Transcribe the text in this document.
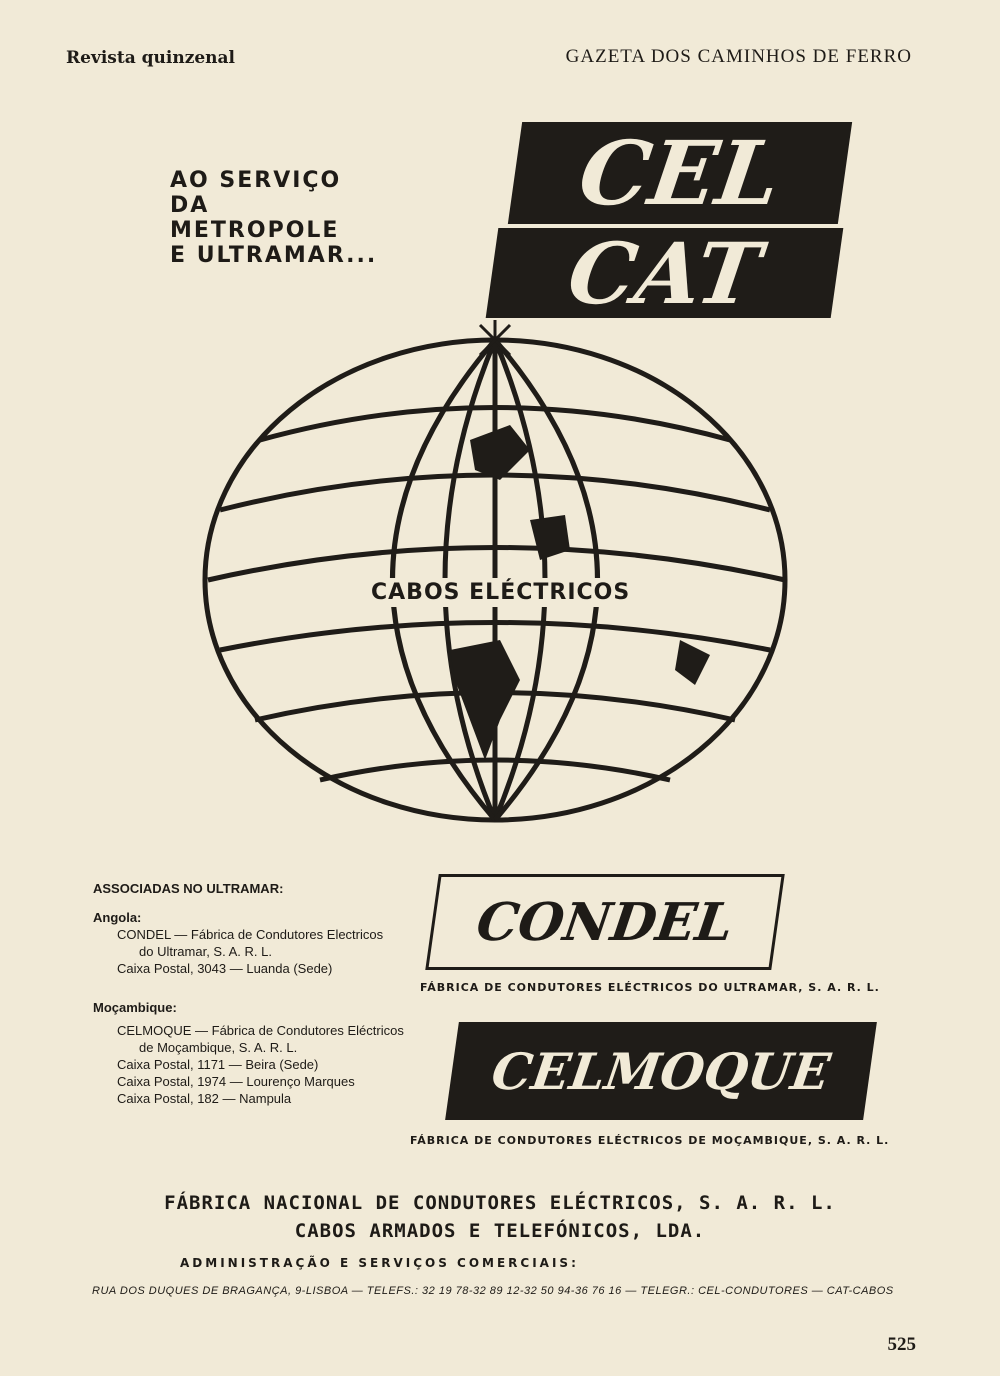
Revista quinzenal	GAZETA DOS CAMINHOS DE FERRO
AO SERVIÇO
DA
METROPOLE
E ULTRAMAR...
CEL
CAT
CABOS ELÉCTRICOS
ASSOCIADAS NO ULTRAMAR:
Angola:
CONDEL — Fábrica de Condutores Electricos
do Ultramar, S. A. R. L.
Caixa Postal, 3043 — Luanda (Sede)
Moçambique:
CELMOQUE — Fábrica de Condutores Eléctricos
de Moçambique, S. A. R. L.
Caixa Postal, 1171 — Beira (Sede)
Caixa Postal, 1974 — Lourenço Marques
Caixa Postal, 182 — Nampula
CONDEL
FÁBRICA DE CONDUTORES ELÉCTRICOS DO ULTRAMAR, S. A. R. L.
CELMOQUE
FÁBRICA DE CONDUTORES ELÉCTRICOS DE MOÇAMBIQUE, S. A. R. L.
FÁBRICA NACIONAL DE CONDUTORES ELÉCTRICOS, S. A. R. L.
CABOS ARMADOS E TELEFÓNICOS, LDA.
ADMINISTRAÇÃO E SERVIÇOS COMERCIAIS:
RUA DOS DUQUES DE BRAGANÇA, 9-LISBOA — TELEFS.: 32 19 78-32 89 12-32 50 94-36 76 16 — TELEGR.: CEL-CONDUTORES — CAT-CABOS
525
